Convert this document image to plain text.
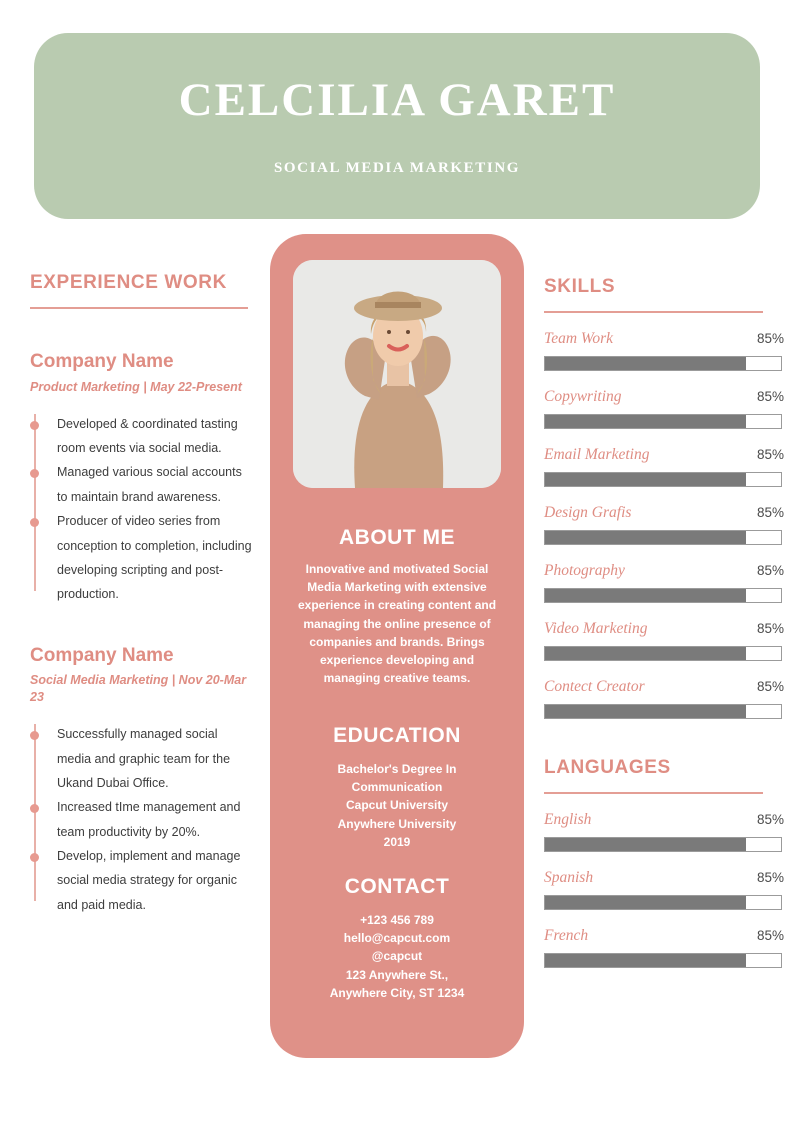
CELCILIA GARET
SOCIAL MEDIA MARKETING
EXPERIENCE WORK
Company Name
Product Marketing | May 22-Present
Developed & coordinated tasting room events via social media.
Managed various social accounts to maintain brand awareness.
Producer of video series from conception to completion, including developing scripting and post-production.
Company Name
Social Media Marketing | Nov 20-Mar 23
Successfully managed social media and graphic team for the Ukand Dubai Office.
Increased tIme management and team productivity by 20%.
Develop, implement and manage social media strategy for organic and paid media.
ABOUT ME

Innovative and motivated Social Media Marketing with extensive experience in creating content and managing the online presence of companies and brands. Brings experience developing and managing creative teams.

EDUCATION
Bachelor's Degree In Communication
Capcut University
Anywhere University
2019
CONTACT
+123 456 789
hello@capcut.com
@capcut
123 Anywhere St.,
Anywhere City, ST 1234
SKILLS
Team Work	85%
Copywriting	85%
Email Marketing	85%
Design Grafis	85%
Photography	85%
Video Marketing	85%
Contect Creator	85%
LANGUAGES
English	85%
Spanish	85%
French	85%
